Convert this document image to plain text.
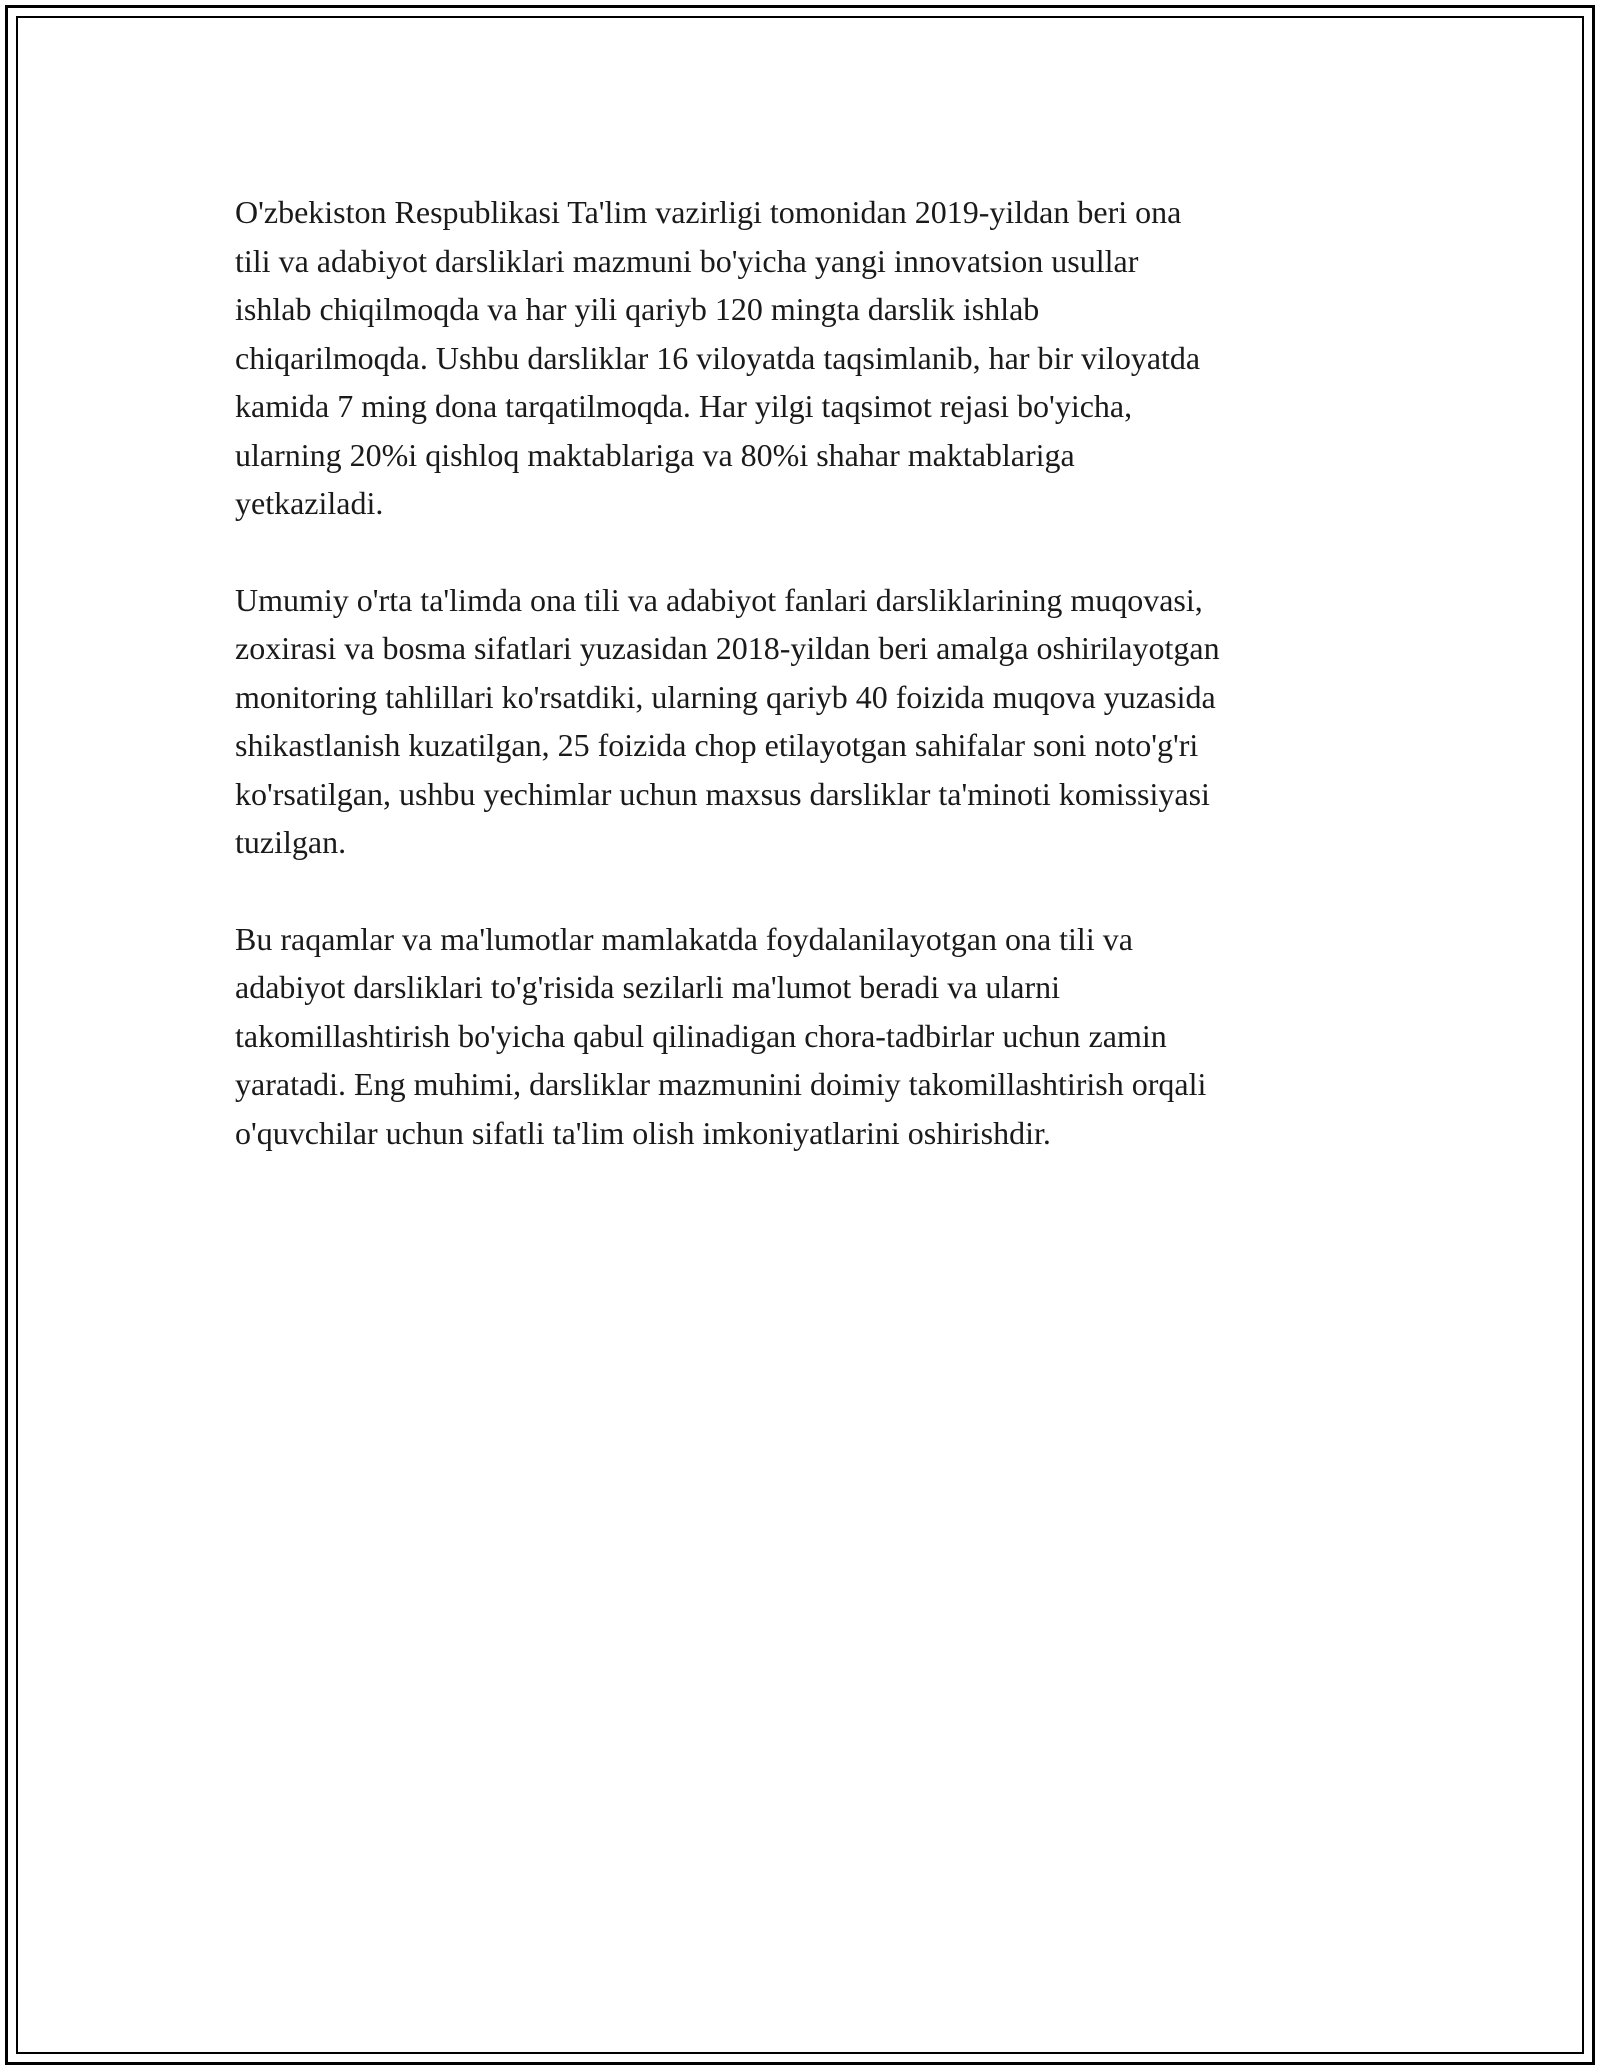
O'zbekiston Respublikasi Ta'lim vazirligi tomonidan 2019-yildan beri ona
tili va adabiyot darsliklari mazmuni bo'yicha yangi innovatsion usullar
ishlab chiqilmoqda va har yili qariyb 120 mingta darslik ishlab
chiqarilmoqda. Ushbu darsliklar 16 viloyatda taqsimlanib, har bir viloyatda
kamida 7 ming dona tarqatilmoqda. Har yilgi taqsimot rejasi bo'yicha,
ularning 20%i qishloq maktablariga va 80%i shahar maktablariga
yetkaziladi.

Umumiy o'rta ta'limda ona tili va adabiyot fanlari darsliklarining muqovasi,
zoxirasi va bosma sifatlari yuzasidan 2018-yildan beri amalga oshirilayotgan
monitoring tahlillari ko'rsatdiki, ularning qariyb 40 foizida muqova yuzasida
shikastlanish kuzatilgan, 25 foizida chop etilayotgan sahifalar soni noto'g'ri
ko'rsatilgan, ushbu yechimlar uchun maxsus darsliklar ta'minoti komissiyasi
tuzilgan.

Bu raqamlar va ma'lumotlar mamlakatda foydalanilayotgan ona tili va
adabiyot darsliklari to'g'risida sezilarli ma'lumot beradi va ularni
takomillashtirish bo'yicha qabul qilinadigan chora-tadbirlar uchun zamin
yaratadi. Eng muhimi, darsliklar mazmunini doimiy takomillashtirish orqali
o'quvchilar uchun sifatli ta'lim olish imkoniyatlarini oshirishdir.
